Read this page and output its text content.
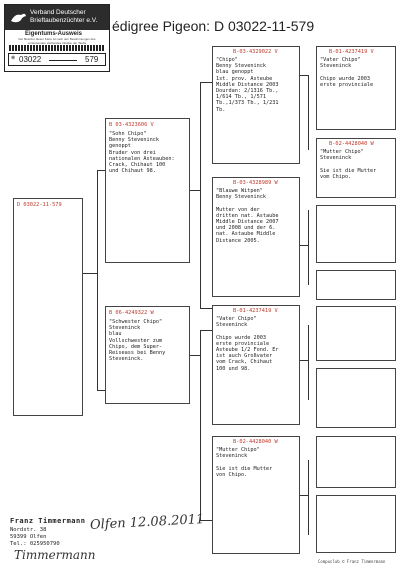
Verband Deutscher
Brieftaubenzüchter e.V.
Eigentums-Ausweis
Der Besitzer dieser Karte ist nach den Bestimmungen des vorstehenden Verbandes Inhaber der Taube
⊗ 03022	579
édigree Pigeon: D 03022-11-579
D 03022-11-579
B 03-4323606 V
"Sohn Chipo"
Benny Steveninck
genoppt
Bruder von drei
nationalen Asteauben:
Crack, Chihaut 100
und Chihaut 98.
B 06-4249322 W
"Schwester Chipo"
Steveninck
blau
Vollschwester zum
Chipo, dem Super-
Reiseass bei Benny
Steveninck.
B-03-4329022 V
"Chipo"
Benny Steveninck
blau genoppt
1st. prov. Asteube
Middle Distance 2003
Dourdan: 2/1316 Tb.,
1/614 Tb., 1/571
Tb.,1/373 Tb., 1/231
Tb.
B-03-4328989 W
"Blauwe Witpen"
Benny Steveninck

Mutter von der
dritten nat. Astaube
Middle Distance 2007
und 2008 und der 6.
nat. Astaube Middle
Distance 2005.
B-01-4237419 V
"Vater Chipo"
Steveninck

Chipo wurde 2003
erste provinciale
Asteube 1/2 Fond. Er
ist auch Großvater
vom Crack, Chihaut
100 und 98.
B-02-4428040 W
"Mutter Chipo"
Steveninck

Sie ist die Mutter
von Chipo.
B-01-4237419 V
"Vater Chipo"
Steveninck

Chipo wurde 2003
erste provinciale
B-02-4428040 W
"Mutter Chipo"
Steveninck

Sie ist die Mutter
vom Chipo.
Franz Timmermann
Nordstr. 38
59399 Olfen
Tel.: 025950790
Olfen 12.08.2011
Timmermann	Compuclub © Franz Timmermann
